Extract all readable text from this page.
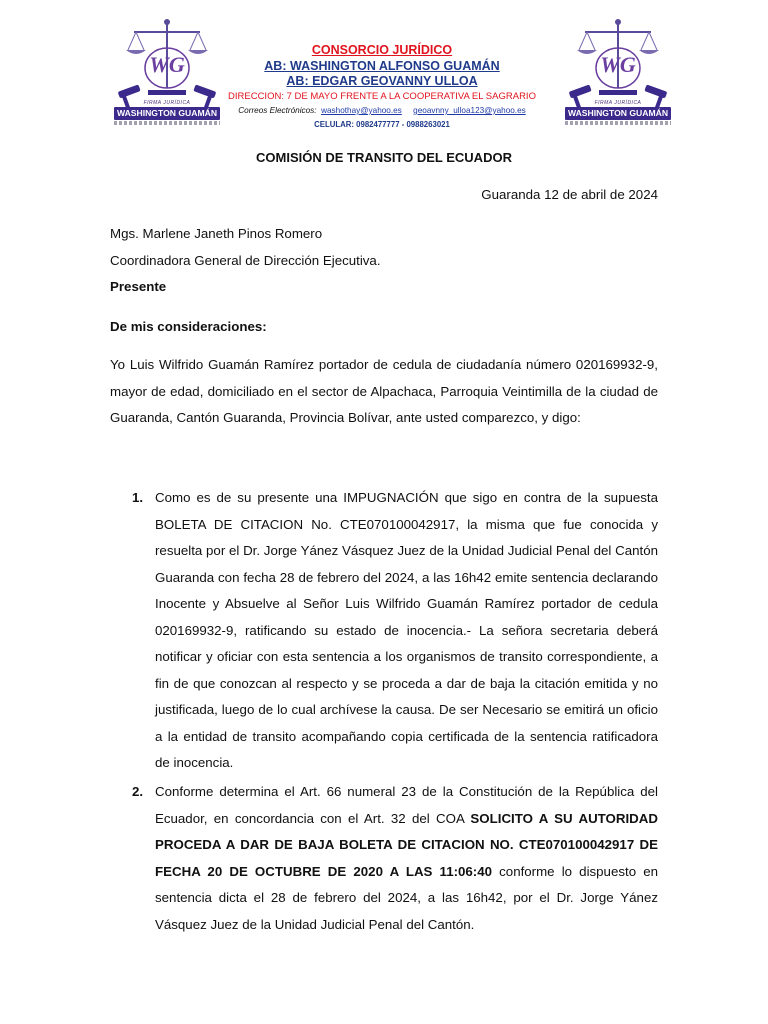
WG
FIRMA JURÍDICA
WASHINGTON GUAMÁN
WG
FIRMA JURÍDICA
WASHINGTON GUAMÁN
CONSORCIO JURÍDICO
AB: WASHINGTON ALFONSO GUAMÁN
AB: EDGAR GEOVANNY ULLOA
DIRECCION: 7 DE MAYO FRENTE A LA COOPERATIVA EL SAGRARIO
Correos Electrónicos: washothay@yahoo.es geoavnny_ulloa123@yahoo.es
CELULAR: 0982477777 - 0988263021
COMISIÓN DE TRANSITO DEL ECUADOR
Guaranda 12 de abril de 2024
Mgs. Marlene Janeth Pinos Romero
Coordinadora General de Dirección Ejecutiva.
Presente
De mis consideraciones:
Yo Luis Wilfrido Guamán Ramírez portador de cedula de ciudadanía número 020169932-9, mayor de edad, domiciliado en el sector de Alpachaca, Parroquia Veintimilla de la ciudad de Guaranda, Cantón Guaranda, Provincia Bolívar, ante usted comparezco, y digo:
1. Como es de su presente una IMPUGNACIÓN que sigo en contra de la supuesta BOLETA DE CITACION No. CTE070100042917, la misma que fue conocida y resuelta por el Dr. Jorge Yánez Vásquez Juez de la Unidad Judicial Penal del Cantón Guaranda con fecha 28 de febrero del 2024, a las 16h42 emite sentencia declarando Inocente y Absuelve al Señor Luis Wilfrido Guamán Ramírez portador de cedula 020169932-9, ratificando su estado de inocencia.- La señora secretaria deberá notificar y oficiar con esta sentencia a los organismos de transito correspondiente, a fin de que conozcan al respecto y se proceda a dar de baja la citación emitida y no justificada, luego de lo cual archívese la causa. De ser Necesario se emitirá un oficio a la entidad de transito acompañando copia certificada de la sentencia ratificadora de inocencia.
2. Conforme determina el Art. 66 numeral 23 de la Constitución de la República del Ecuador, en concordancia con el Art. 32 del COA SOLICITO A SU AUTORIDAD PROCEDA A DAR DE BAJA BOLETA DE CITACION NO. CTE070100042917 DE FECHA 20 DE OCTUBRE DE 2020 A LAS 11:06:40 conforme lo dispuesto en sentencia dicta el 28 de febrero del 2024, a las 16h42, por el Dr. Jorge Yánez Vásquez Juez de la Unidad Judicial Penal del Cantón.
